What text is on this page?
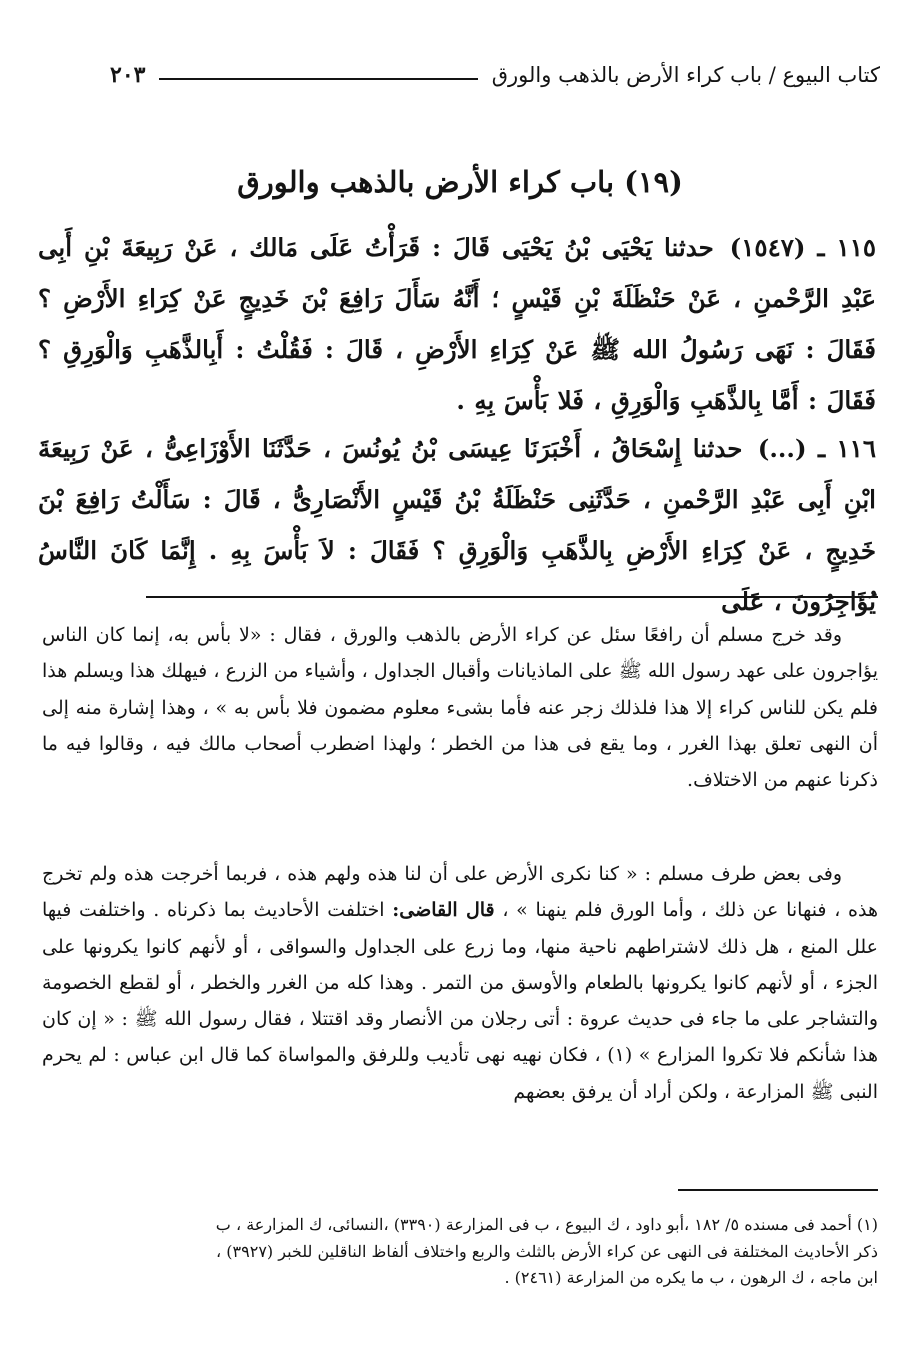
كتاب البيوع / باب كراء الأرض بالذهب والورق
٢٠٣
(١٩) باب كراء الأرض بالذهب والورق
١١٥ ـ (١٥٤٧) حدثنا يَحْيَى بْنُ يَحْيَى قَالَ : قَرَأْتُ عَلَى مَالك ، عَنْ رَبِيعَةَ بْنِ أَبِى عَبْدِ الرَّحْمنِ ، عَنْ حَنْظَلَةَ بْنِ قَيْسٍ ؛ أَنَّهُ سَأَلَ رَافِعَ بْنَ خَدِيجٍ عَنْ كِرَاءِ الأَرْضِ ؟ فَقَالَ : نَهَى رَسُولُ الله ﷺ عَنْ كِرَاءِ الأَرْضِ ، قَالَ : فَقُلْتُ : أَبِالذَّهَبِ وَالْوَرِقِ ؟ فَقَالَ : أَمَّا بِالذَّهَبِ وَالْوَرِقِ ، فَلا بَأْسَ بِهِ .
١١٦ ـ (...) حدثنا إِسْحَاقُ ، أَخْبَرَنَا عِيسَى بْنُ يُونُسَ ، حَدَّثَنَا الأَوْزَاعِىُّ ، عَنْ رَبِيعَةَ ابْنِ أَبِى عَبْدِ الرَّحْمنِ ، حَدَّثَنِى حَنْظَلَةُ بْنُ قَيْسٍ الأَنْصَارِىُّ ، قَالَ : سَأَلْتُ رَافِعَ بْنَ خَدِيجٍ ، عَنْ كِرَاءِ الأَرْضِ بِالذَّهَبِ وَالْوَرِقِ ؟ فَقَالَ : لاَ بَأْسَ بِهِ . إِنَّمَا كَانَ النَّاسُ يُؤَاجِرُونَ ، عَلَى
وقد خرج مسلم أن رافعًا سئل عن كراء الأرض بالذهب والورق ، فقال : «لا بأس به، إنما كان الناس يؤاجرون على عهد رسول الله ﷺ على الماذيانات وأقبال الجداول ، وأشياء من الزرع ، فيهلك هذا ويسلم هذا فلم يكن للناس كراء إلا هذا فلذلك زجر عنه فأما بشىء معلوم مضمون فلا بأس به » ، وهذا إشارة منه إلى أن النهى تعلق بهذا الغرر ، وما يقع فى هذا من الخطر ؛ ولهذا اضطرب أصحاب مالك فيه ، وقالوا فيه ما ذكرنا عنهم من الاختلاف.
وفى بعض طرف مسلم : « كنا نكرى الأرض على أن لنا هذه ولهم هذه ، فربما أخرجت هذه ولم تخرج هذه ، فنهانا عن ذلك ، وأما الورق فلم ينهنا » ، قال القاضى: اختلفت الأحاديث بما ذكرناه . واختلفت فيها علل المنع ، هل ذلك لاشتراطهم ناحية منها، وما زرع على الجداول والسواقى ، أو لأنهم كانوا يكرونها على الجزء ، أو لأنهم كانوا يكرونها بالطعام والأوسق من التمر . وهذا كله من الغرر والخطر ، أو لقطع الخصومة والتشاجر على ما جاء فى حديث عروة : أتى رجلان من الأنصار وقد اقتتلا ، فقال رسول الله ﷺ : « إن كان هذا شأنكم فلا تكروا المزارع » (١) ، فكان نهيه نهى تأديب وللرفق والمواساة كما قال ابن عباس : لم يحرم النبى ﷺ المزارعة ، ولكن أراد أن يرفق بعضهم
(١) أحمد فى مسنده ٥/ ١٨٢ ،أبو داود ، ك البيوع ، ب فى المزارعة (٣٣٩٠) ،النسائى، ك المزارعة ، ب
ذكر الأحاديث المختلفة فى النهى عن كراء الأرض بالثلث والربع واختلاف ألفاظ الناقلين للخبر (٣٩٢٧) ،
ابن ماجه ، ك الرهون ، ب ما يكره من المزارعة (٢٤٦١) .
